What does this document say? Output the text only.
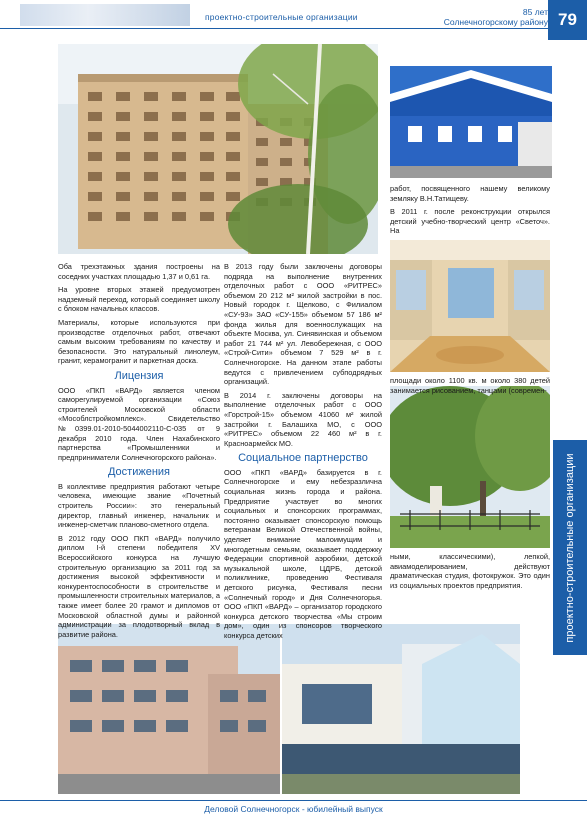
проектно-строительные организации	85 лет
Солнечногорскому району 79

Оба трехэтажных здания построены на соседних участках площадью 1,37 и 0,61 га.

На уровне вторых этажей предусмотрен надземный переход, который соединяет школу с блоком начальных классов.

Материалы, которые используются при производстве отделочных работ, отвечают самым высоким требованиям по качеству и безопасности. Это натуральный линолеум, гранит, керамогранит и паркетная доска.

Лицензия

ООО «ПКП «ВАРД» является членом саморегулируемой организации «Союз строителей Московской области «Мособлстройкомплекс». Свидетельство №0399.01-2010-5044002110-С-035 от 9 декабря 2010 года. Член Нахабинского партнерства «Промышленники и предприниматели Солнечногорского района».

Достижения

В коллективе предприятия работают четыре человека, имеющие звание «Почетный строитель России»: это генеральный директор, главный инженер, начальник и инженер-сметчик планово-сметного отдела.

В 2012 году ООО ПКП «ВАРД» получило диплом I-й степени победителя XV Всероссийского конкурса на лучшую строительную организацию за 2011 год за достижения высокой эффективности и конкурентоспособности в строительстве и промышленности строительных материалов, а также имеет более 20 грамот и дипломов от Московской областной думы и районной администрации за плодотворный вклад в развитие района.

В 2013 году были заключены договоры подряда на выполнение внутренних отделочных работ с ООО «РИТРЕС» объемом 20 212 м² жилой застройки в пос. Новый городок г. Щелково, с Филиалом «СУ-93» ЗАО «СУ-155» объемом 57 186 м² фонда жилья для военнослужащих на объекте Москва, ул. Синявинская и объемом работ 21 744 м² ул. Левобережная, с ООО «Строй-Сити» объемом 7 529 м² в г. Солнечногорске. На данном этапе работы ведутся с привлечением субподрядных организаций.

В 2014 г. заключены договоры на выполнение отделочных работ с ООО «Горстрой-15» объемом 41060 м² жилой застройки г. Балашиха МО, с ООО «РИТРЕС» объемом 22 460 м² в г. Красноармейск МО.

Социальное партнерство

ООО «ПКП «ВАРД» базируется в г. Солнечногорске и ему небезразлична социальная жизнь города и района. Предприятие участвует во многих социальных и спонсорских программах, постоянно оказывает спонсорскую помощь ветеранам Великой Отечественной войны, уделяет внимание малоимущим и многодетным семьям, оказывает поддержку Федерации спортивной аэробики, детской музыкальной школе, ЦДРБ, детской поликлинике, проведению Фестиваля детского рисунка, Фестиваля песни «Солнечный город» и Дня Солнечногорья. ООО «ПКП «ВАРД» – организатор городского конкурса детского творчества «Мы строим дом», один из спонсоров творческого конкурса детских

работ, посвященного нашему великому земляку В.Н.Татищеву.

В 2011 г. после реконструкции открылся детский учебно-творческий центр «Светоч». На

площади около 1100 кв. м около 380 детей занимается рисованием, танцами (современ-

ными, классическими), лепкой, авиамоделированием, действуют драматическая студия, фотокружок. Это один из социальных проектов предприятия.	проектно-строительные организации
Деловой Солнечногорск - юбилейный выпуск
